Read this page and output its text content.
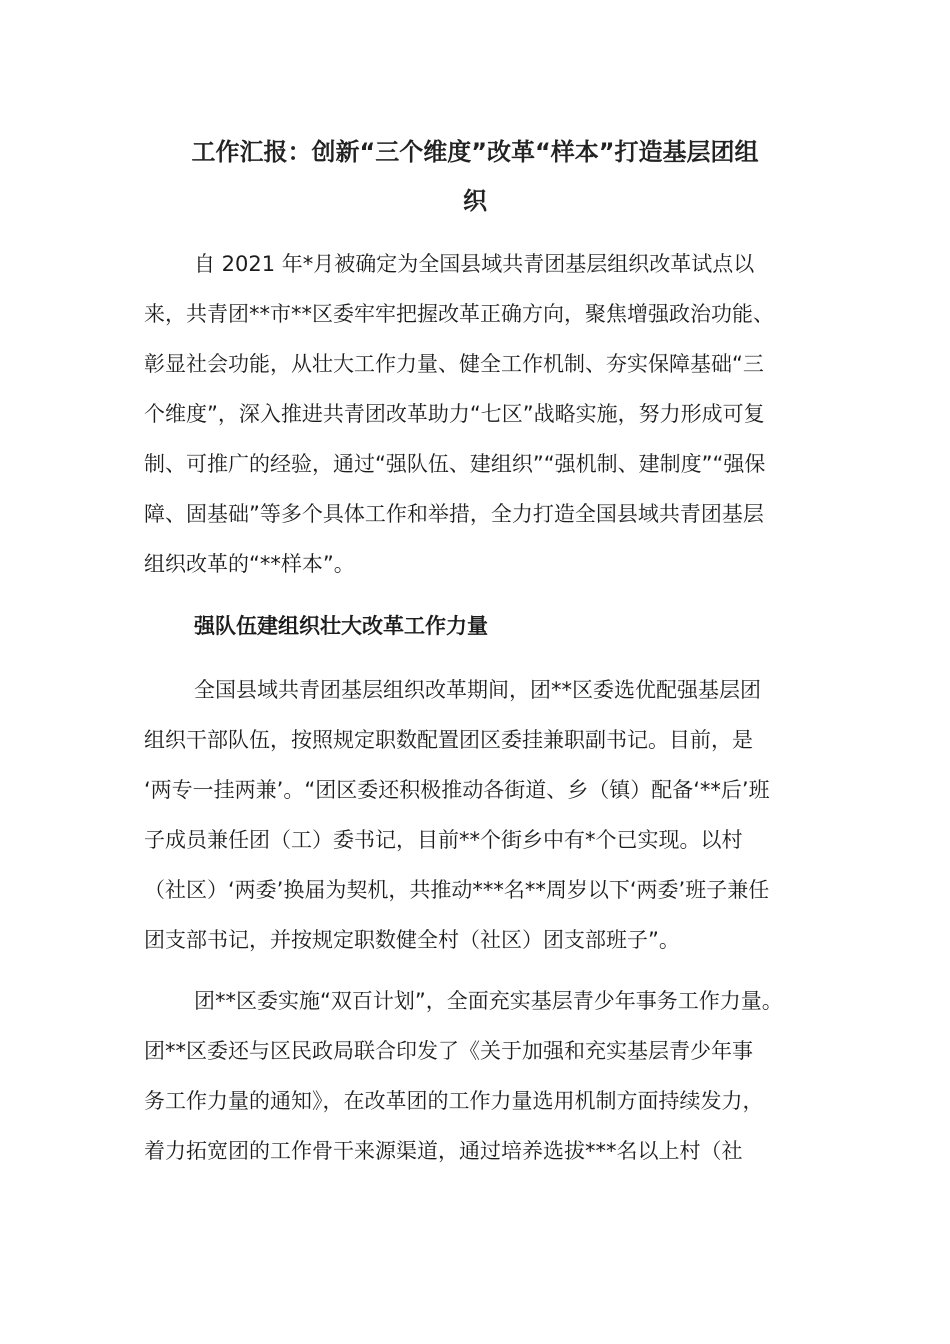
工作汇报：创新“三个维度”改革“样本”打造基层团组
织
自 2021 年*月被确定为全国县域共青团基层组织改革试点以
来，共青团**市**区委牢牢把握改革正确方向，聚焦增强政治功能、
彰显社会功能，从壮大工作力量、健全工作机制、夯实保障基础“三
个维度”，深入推进共青团改革助力“七区”战略实施，努力形成可复
制、可推广的经验，通过“强队伍、建组织”“强机制、建制度”“强保
障、固基础”等多个具体工作和举措，全力打造全国县域共青团基层
组织改革的“**样本”。
强队伍建组织壮大改革工作力量
全国县域共青团基层组织改革期间，团**区委选优配强基层团
组织干部队伍，按照规定职数配置团区委挂兼职副书记。目前，是
‘两专一挂两兼’。“团区委还积极推动各街道、乡（镇）配备‘**后’班
子成员兼任团（工）委书记，目前**个街乡中有*个已实现。以村
（社区）‘两委’换届为契机，共推动***名**周岁以下‘两委’班子兼任
团支部书记，并按规定职数健全村（社区）团支部班子”。
团**区委实施“双百计划”，全面充实基层青少年事务工作力量。
团**区委还与区民政局联合印发了《关于加强和充实基层青少年事
务工作力量的通知》，在改革团的工作力量选用机制方面持续发力，
着力拓宽团的工作骨干来源渠道，通过培养选拔***名以上村（社
